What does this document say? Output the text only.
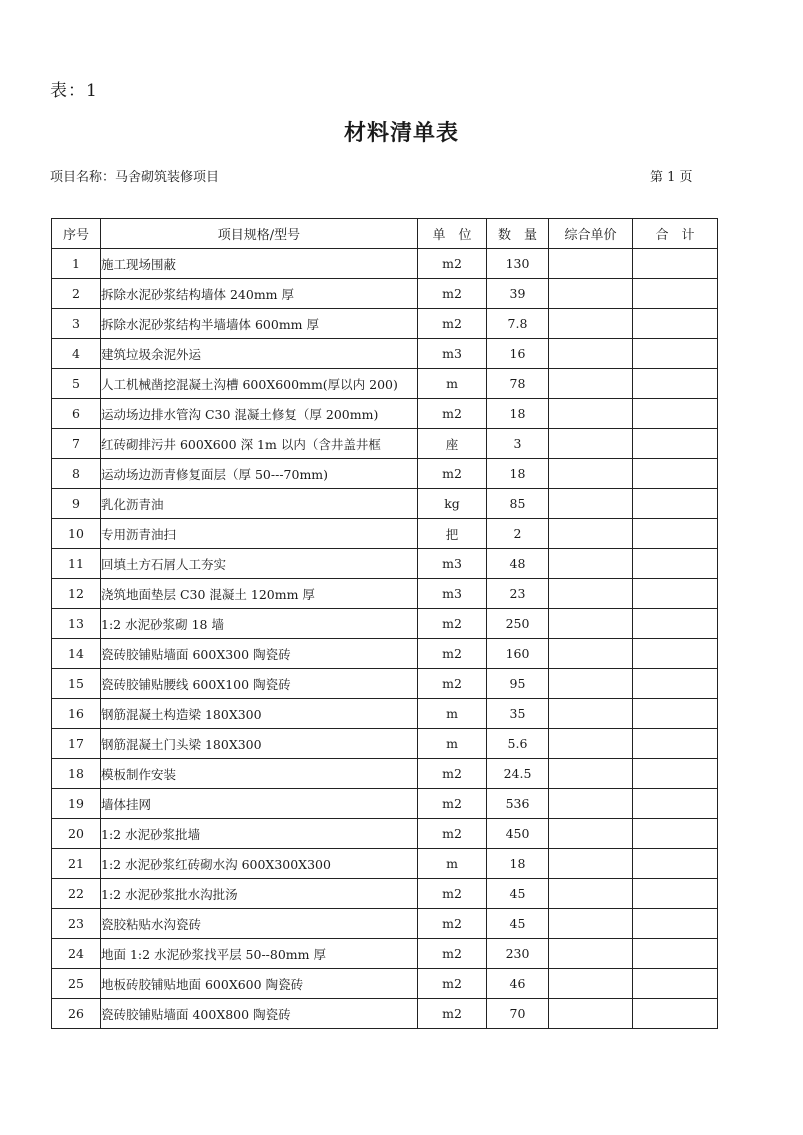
表：1
材料清单表
项目名称：马舍砌筑装修项目	第 1 页
序号	项目规格/型号	单　位	数　量	综合单价	合　计
1	施工现场围蔽	m2	130		
2	拆除水泥砂浆结构墙体 240mm 厚	m2	39		
3	拆除水泥砂浆结构半墙墙体 600mm 厚	m2	7.8		
4	建筑垃圾余泥外运	m3	16		
5	人工机械凿挖混凝土沟槽 600X600mm(厚以内 200)	m	78		
6	运动场边排水管沟 C30 混凝土修复（厚 200mm)	m2	18		
7	红砖砌排污井 600X600 深 1m 以内（含井盖井框	座	3		
8	运动场边沥青修复面层（厚 50---70mm)	m2	18		
9	乳化沥青油	kg	85		
10	专用沥青油扫	把	2		
11	回填土方石屑人工夯实	m3	48		
12	浇筑地面垫层 C30 混凝土 120mm 厚	m3	23		
13	1:2 水泥砂浆砌 18 墙	m2	250		
14	瓷砖胶铺贴墙面 600X300 陶瓷砖	m2	160		
15	瓷砖胶铺贴腰线 600X100 陶瓷砖	m2	95		
16	钢筋混凝土构造梁 180X300	m	35		
17	钢筋混凝土门头梁 180X300	m	5.6		
18	模板制作安装	m2	24.5		
19	墙体挂网	m2	536		
20	1:2 水泥砂浆批墙	m2	450		
21	1:2 水泥砂浆红砖砌水沟 600X300X300	m	18		
22	1:2 水泥砂浆批水沟批汤	m2	45		
23	瓷胶粘贴水沟瓷砖	m2	45		
24	地面 1:2 水泥砂浆找平层 50--80mm 厚	m2	230		
25	地板砖胶铺贴地面 600X600 陶瓷砖	m2	46		
26	瓷砖胶铺贴墙面 400X800 陶瓷砖	m2	70		
